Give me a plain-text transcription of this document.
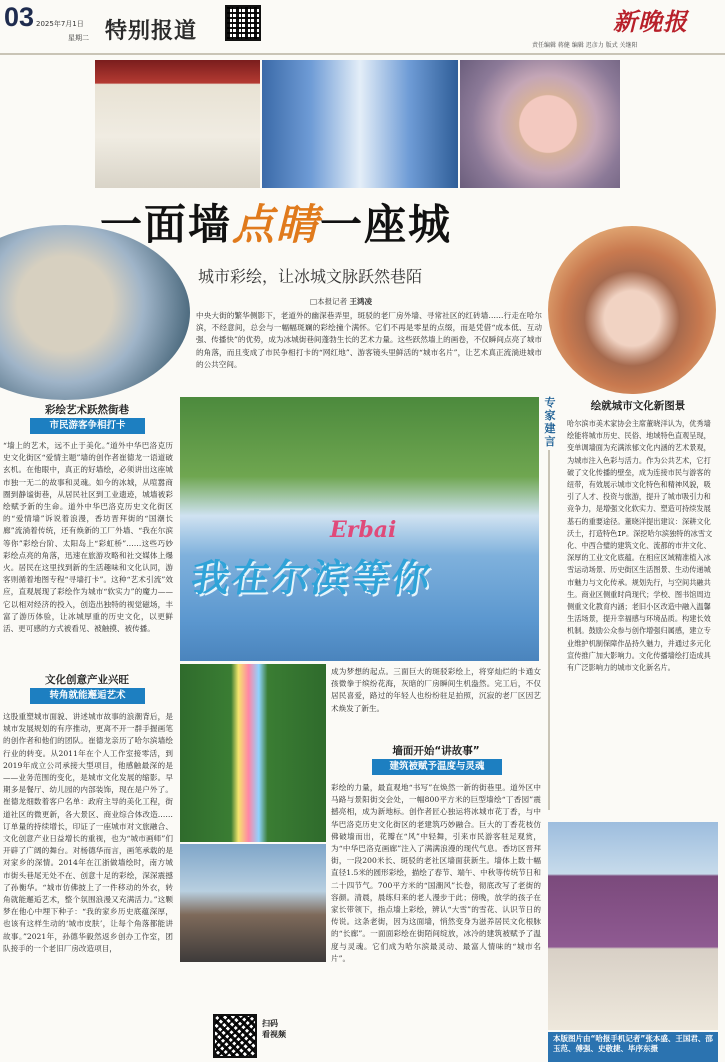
03 2025年7月1日
星期二 特别报道	新晚报
责任编辑 蒋健 编辑 迟彦力 版式 关继阳
Erbai
我在尔滨等你
一面墙点睛一座城
城市彩绘，让冰城文脉跃然巷陌
□本报记者 王鸿凌
中央大街的繁华侧影下，老道外的幽深巷弄里，斑驳的老厂房外墙、寻常社区的红砖墙……行走在哈尔滨，不经意间，总会与一幅幅斑斓的彩绘撞个满怀。它们不再是零星的点缀，而是凭借“成本低、互动强、传播快”的优势，成为冰城街巷间蓬勃生长的艺术力量。这些跃然墙上的画卷，不仅瞬间点亮了城市的角落，而且变成了市民争相打卡的“网红地”、游客镜头里鲜活的“城市名片”，让艺术真正流淌进城市的公共空间。
彩绘艺术跃然街巷
市民游客争相打卡
“墙上的艺术，远不止于美化。”道外中华巴洛克历史文化街区“爱情主题”墙的创作者崔德龙一语道破玄机。在他眼中，真正的好墙绘，必须讲出这座城市独一无二的故事和灵魂。如今的冰城，从喧嚣商圈到静谧街巷，从居民社区到工业遗迹，城墙被彩绘赋予新的生命。道外中华巴洛克历史文化街区的“爱情墙”诉说着浪漫，香坊晋拜街的“国潮长廊”流淌着传统，还有焕新的工厂外墙、“我在尔滨等你”彩绘台阶、太阳岛上“彩虹桥”……这些巧妙彩绘点亮的角落，迅速在旅游攻略和社交媒体上爆火。居民在这里找到新的生活趣味和文化认同，游客则循着地图专程“寻墙打卡”。这种“艺术引流”效应，直观展现了彩绘作为城市“软实力”的魔力——它以相对经济的投入，创造出独特的视觉磁场，丰富了游历体验，让冰城厚重的历史文化，以更鲜活、更可感的方式被看见、被触摸、被传播。
文化创意产业兴旺
转角就能邂逅艺术
这股重塑城市面貌、讲述城市故事的浪潮背后，是城市发展规划的有序推动，更离不开一群手握画笔的创作者和他们的团队。崔德龙亲历了哈尔滨墙绘行业的转变。从2011年在个人工作室接零活，到2019年成立公司承接大型项目，他感触最深的是——业务范围的变化，是城市文化发展的缩影。早期多是餐厅、幼儿园的内部装饰，现在是户外了。崔德龙细数着客户名单：政府主导的美化工程，街道社区的微更新，各大景区、商业综合体改造……订单量的持续增长，印证了一座城市对文旅融合、文化创意产业日益增长的重视，也为“城市画师”们开辟了广阔的舞台。对杨德华而言，画笔承载的是对家乡的深情。2014年在江浙做墙绘时，南方城市街头巷尾无处不在、创意十足的彩绘，深深震撼了孙衡华。“城市仿佛披上了一件移动的外衣，转角就能邂逅艺术，整个氛围浪漫又充满活力。”这颗梦在他心中埋下种子：“我的家乡历史底蕴深厚，也该有这样生动的‘城市皮肤’，让每个角落都能讲故事。”2021年，孙德华毅然返乡创办工作室，团队接手的一个老旧厂房改造项目，
成为梦想的起点。三面巨大的斑驳彩绘上，将穿灿烂的卡通女孩微拳于缤纷花海，灰暗的厂房瞬间生机盎然。完工后，不仅居民喜爱，路过的年轻人也纷纷驻足拍照，沉寂的老厂区因艺术焕发了新生。
墙面开始“讲故事”
建筑被赋予温度与灵魂
彩绘的力量，最直观地“书写”在焕然一新的街巷里。道外区中马路与景阳街交会处，一幅800平方米的巨型墙绘“丁香园”震撼亮相，成为新地标。创作者匠心独运将冰城市花丁香，与中华巴洛克历史文化街区的老建筑巧妙融合。巨大的丁香花枝仿佛破墙而出，花瓣在“风”中轻舞，引来市民游客驻足观赏，为“中华巴洛克画廊”注入了满满浪漫的现代气息。香坊区晋拜街，一段200米长、斑驳的老社区墙面获新生。墙体上数十幅直径1.5米的圆形彩绘，描绘了春节、端午、中秋等传统节日和二十四节气。700平方米的“国潮风”长卷，彻底改写了老街的容颜。清晨，晨练归来的老人漫步于此；傍晚，放学的孩子在家长带领下，指点墙上彩绘，辨认“大雪”的雪花、认识节日的传说。这条老街，因为这面墙，悄然变身为滋养居民文化根脉的“长廊”。一面面彩绘在街陌间绽放，冰冷的建筑被赋予了温度与灵魂。它们成为哈尔滨最灵动、最富人情味的“城市名片”。
专家建言
绘就城市文化新图景
哈尔滨市美术家协会主席董晓洋认为，优秀墙绘能将城市历史、民俗、地域特色直观呈现，变单调墙面为充满浓郁文化内涵的艺术景观，为城市注入色彩与活力。作为公共艺术，它打破了文化传播的壁垒，成为连接市民与游客的纽带，有效展示城市文化特色和精神风貌，吸引了人才、投资与旅游，提升了城市吸引力和竞争力，是增强文化软实力、塑造可持续发展基石的重要途径。董晓洋提出建议：深耕文化沃土，打造特色IP。深挖哈尔滨独特的冰雪文化、中西合璧的建筑文化、流都的市井文化、深厚的工业文化底蕴。在相应区域精准植入冰雪运动场景、历史街区生活图景、生动传递城市魅力与文化传承。规划先行，与空间共融共生。商业区侧重时尚现代；学校、图书馆周边侧重文化教育内涵；老旧小区改造中融入温馨生活场景，提升幸福感与环境品质。构建长效机制。鼓励公众参与创作增强归属感，建立专业维护机制保障作品持久魅力，并通过多元化宣传推广加大影响力。文化传播墙绘打造成具有广泛影响力的城市文化新名片。
扫码
看视频	本版图片由“哈报手机记者”张本盛、王国君、邵玉范、傅强、史敬捷、毕序东摄
